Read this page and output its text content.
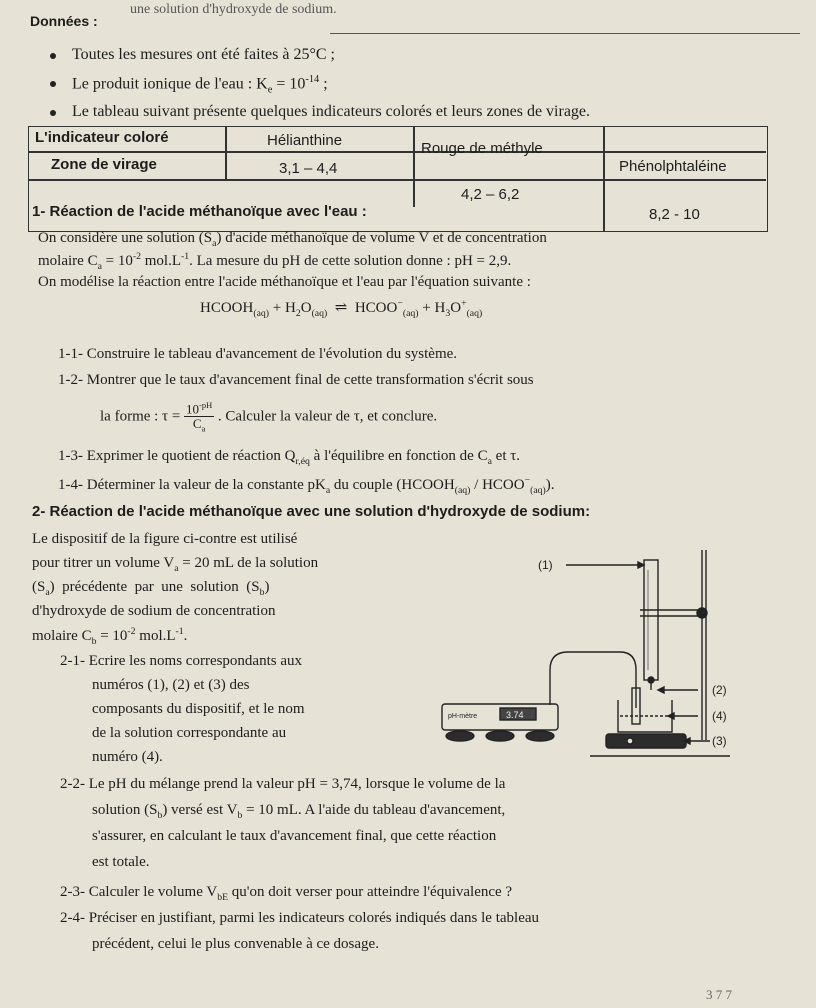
une solution d'hydroxyde de sodium.
Données :
Toutes les mesures ont été faites à 25°C ;
Le produit ionique de l'eau : $K_e = 10^{-14}$ ;
Le tableau suivant présente quelques indicateurs colorés et leurs zones de virage.
L'indicateur coloré
Zone de virage
Hélianthine	Rouge de méthyle
Phénolphtaléine
3,1 – 4,4
4,2 – 6,2
8,2 - 10
1- Réaction de l'acide méthanoïque avec l'eau :
On considère une solution $(S_a)$ d'acide méthanoïque de volume V et de concentration
molaire $C_a = 10^{-2}$ $mol.L^{-1}$. La mesure du pH de cette solution donne : pH = 2,9.
On modélise la réaction entre l'acide méthanoïque et l'eau par l'équation suivante :
$HCOOH_{(aq)} + H_2O_{(aq)}$  ⇌  $HCOO^-_{(aq)} + H_3O^+_{(aq)}$
1-1- Construire le tableau d'avancement de l'évolution du système.
1-2- Montrer que le taux d'avancement final de cette transformation s'écrit sous
la forme : $\tau = \frac{10^{-pH}}{C_a}$ . Calculer la valeur de τ, et conclure.
1-3- Exprimer le quotient de réaction $Q_{r,éq}$ à l'équilibre en fonction de $C_a$ et τ.
1-4- Déterminer la valeur de la constante $pK_a$ du couple ($HCOOH_{(aq)}$ / $HCOO^-_{(aq)}$).
2- Réaction de l'acide méthanoïque avec une solution d'hydroxyde de sodium:
Le dispositif de la figure ci-contre est utilisé
pour titrer un volume $V_a = 20$ mL de la solution
$(S_a)$  précédente  par  une  solution  $(S_b)$
d'hydroxyde de sodium de concentration
molaire $C_b = 10^{-2}$ $mol.L^{-1}$.
2-1- Ecrire les noms correspondants aux
numéros (1), (2) et (3) des
composants du dispositif, et le nom
de la solution correspondante au
numéro (4).
2-2- Le pH du mélange prend la valeur pH = 3,74, lorsque le volume de la
solution $(S_b)$ versé est $V_b = 10$ mL. A l'aide du tableau d'avancement,
s'assurer, en calculant le taux d'avancement final, que cette réaction
est totale.
2-3- Calculer le volume $V_{bE}$ qu'on doit verser pour atteindre l'équivalence ?
2-4- Préciser en justifiant, parmi les indicateurs colorés indiqués dans le tableau
précédent, celui le plus convenable à ce dosage.
3 7 7
(1)
(2)
(4)
(3)
3.74
pH-mètre
